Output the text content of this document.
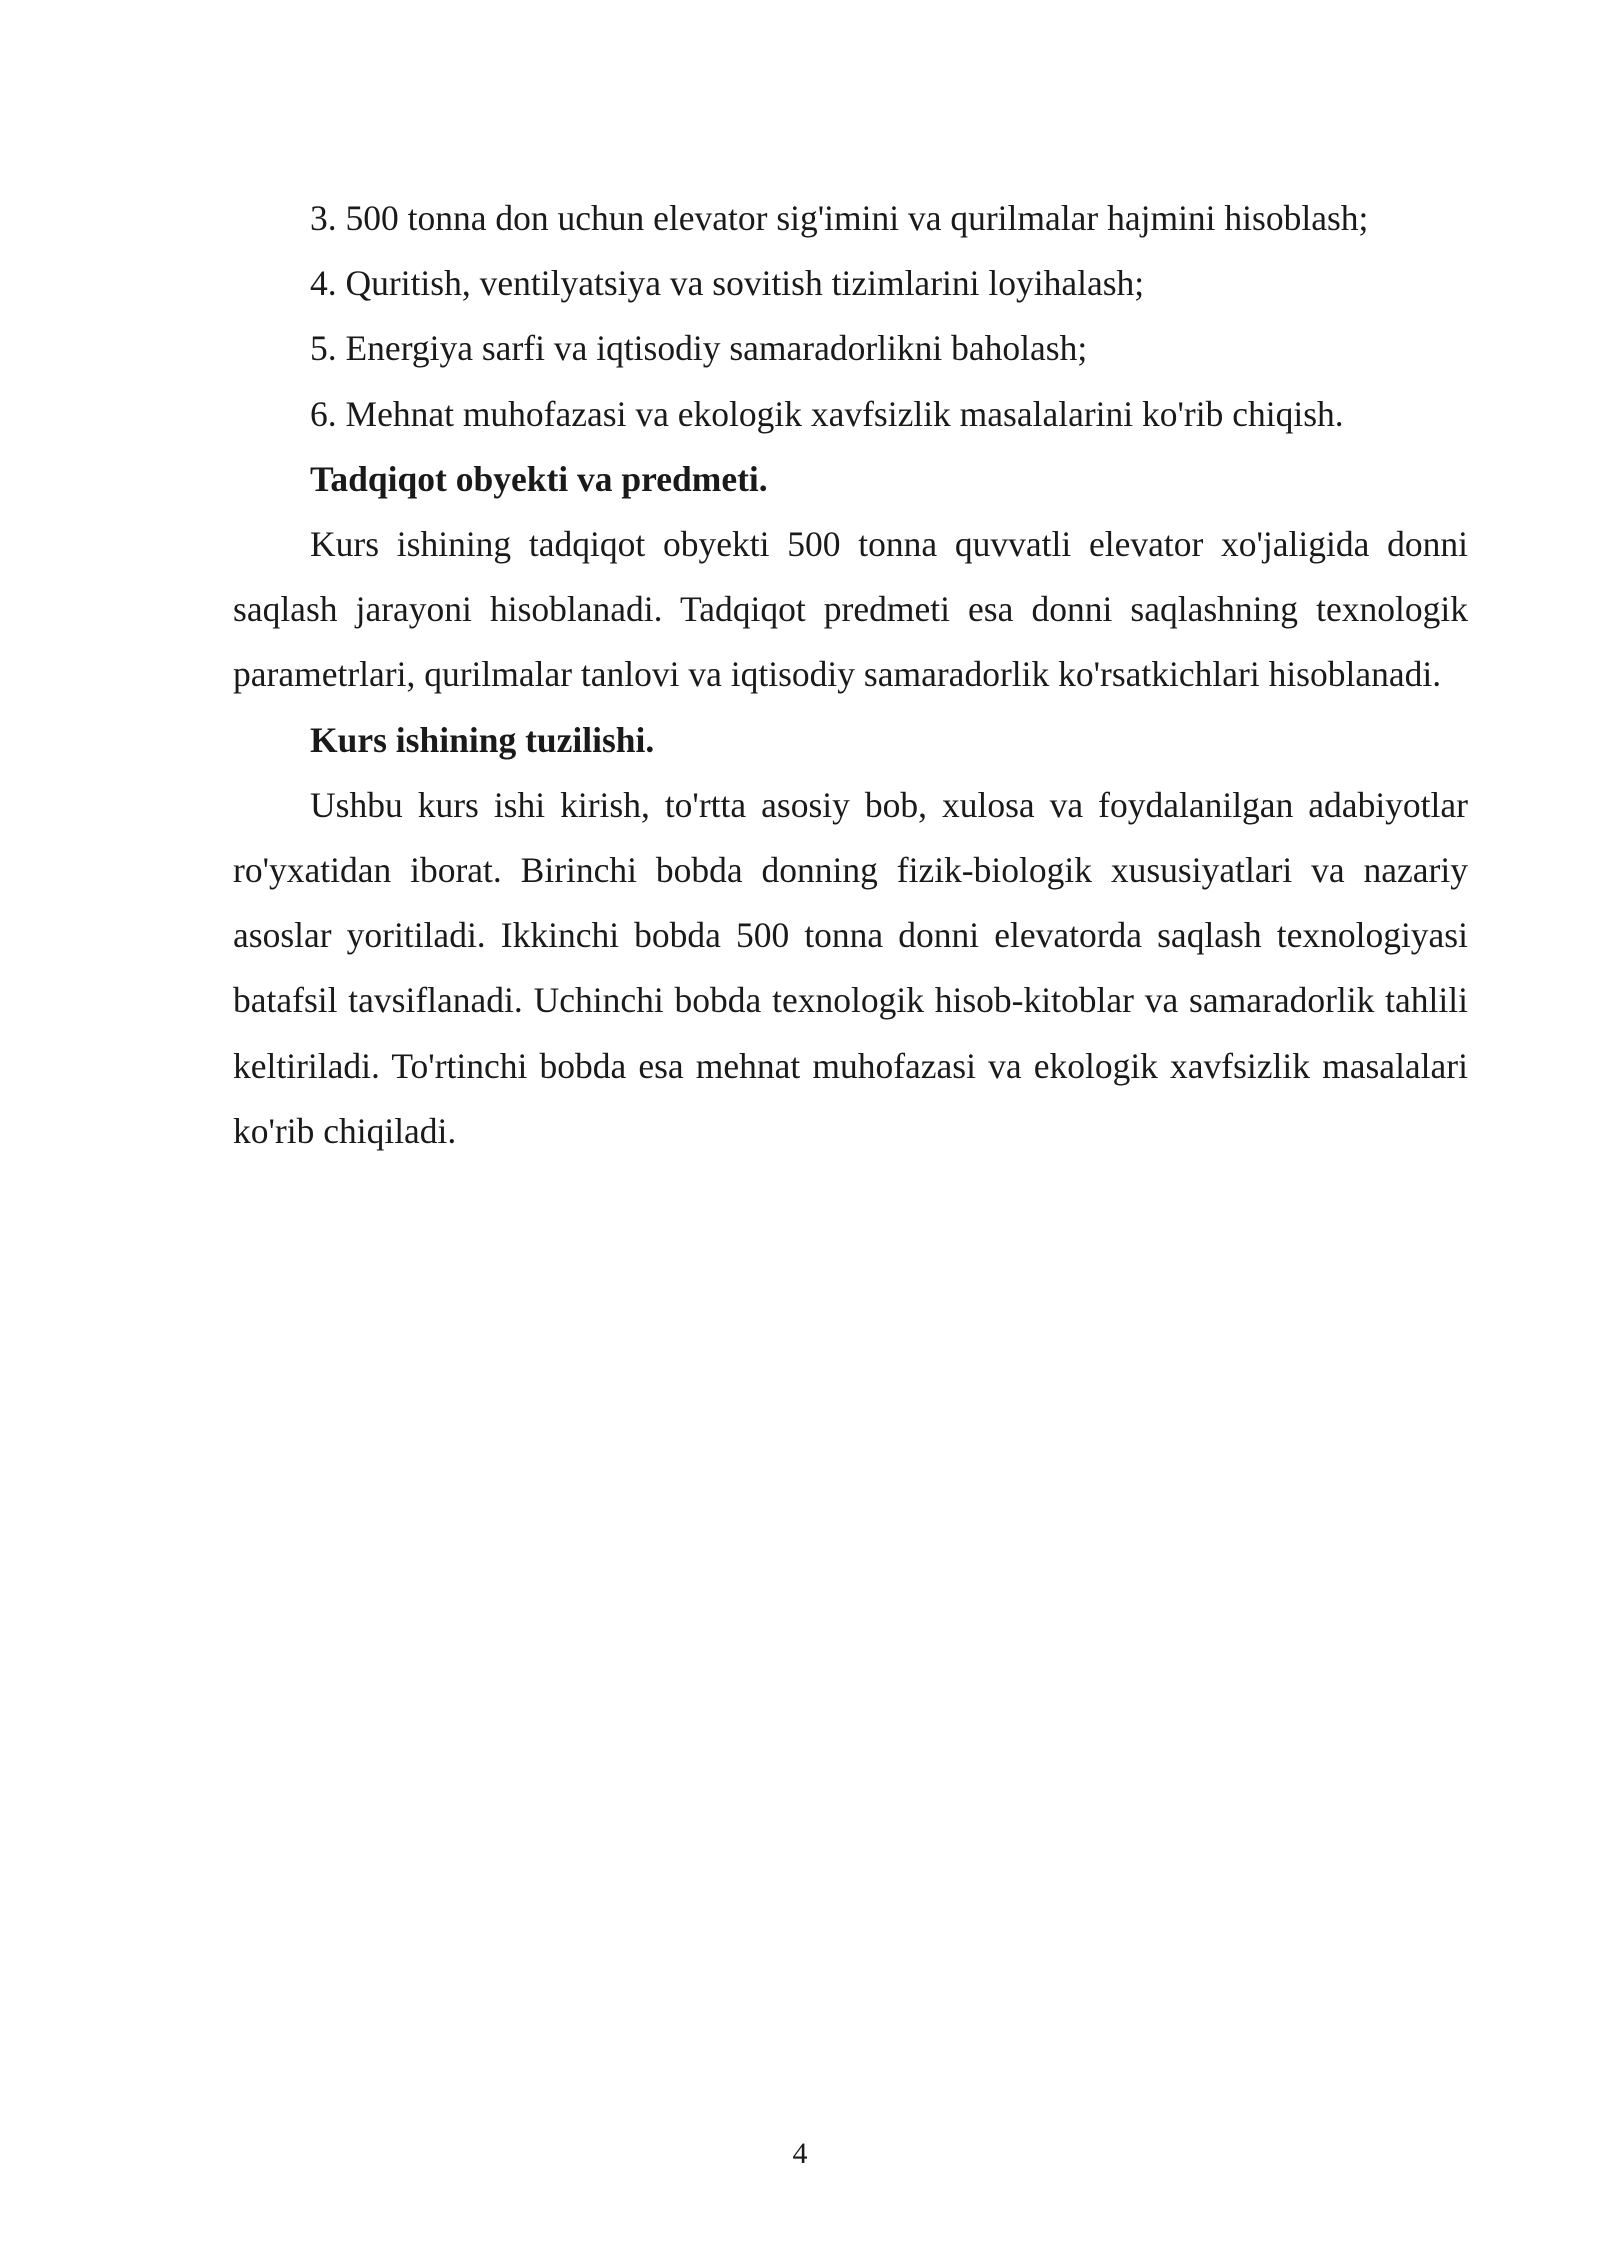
3. 500 tonna don uchun elevator sig'imini va qurilmalar hajmini hisoblash;

4. Quritish, ventilyatsiya va sovitish tizimlarini loyihalash;

5. Energiya sarfi va iqtisodiy samaradorlikni baholash;

6. Mehnat muhofazasi va ekologik xavfsizlik masalalarini ko'rib chiqish.

Tadqiqot obyekti va predmeti.

Kurs ishining tadqiqot obyekti 500 tonna quvvatli elevator xo'jaligida donni saqlash jarayoni hisoblanadi. Tadqiqot predmeti esa donni saqlashning texnologik parametrlari, qurilmalar tanlovi va iqtisodiy samaradorlik ko'rsatkichlari hisoblanadi.

Kurs ishining tuzilishi.

Ushbu kurs ishi kirish, to'rtta asosiy bob, xulosa va foydalanilgan adabiyotlar ro'yxatidan iborat. Birinchi bobda donning fizik-biologik xususiyatlari va nazariy asoslar yoritiladi. Ikkinchi bobda 500 tonna donni elevatorda saqlash texnologiyasi batafsil tavsiflanadi. Uchinchi bobda texnologik hisob-kitoblar va samaradorlik tahlili keltiriladi. To'rtinchi bobda esa mehnat muhofazasi va ekologik xavfsizlik masalalari ko'rib chiqiladi.

4
